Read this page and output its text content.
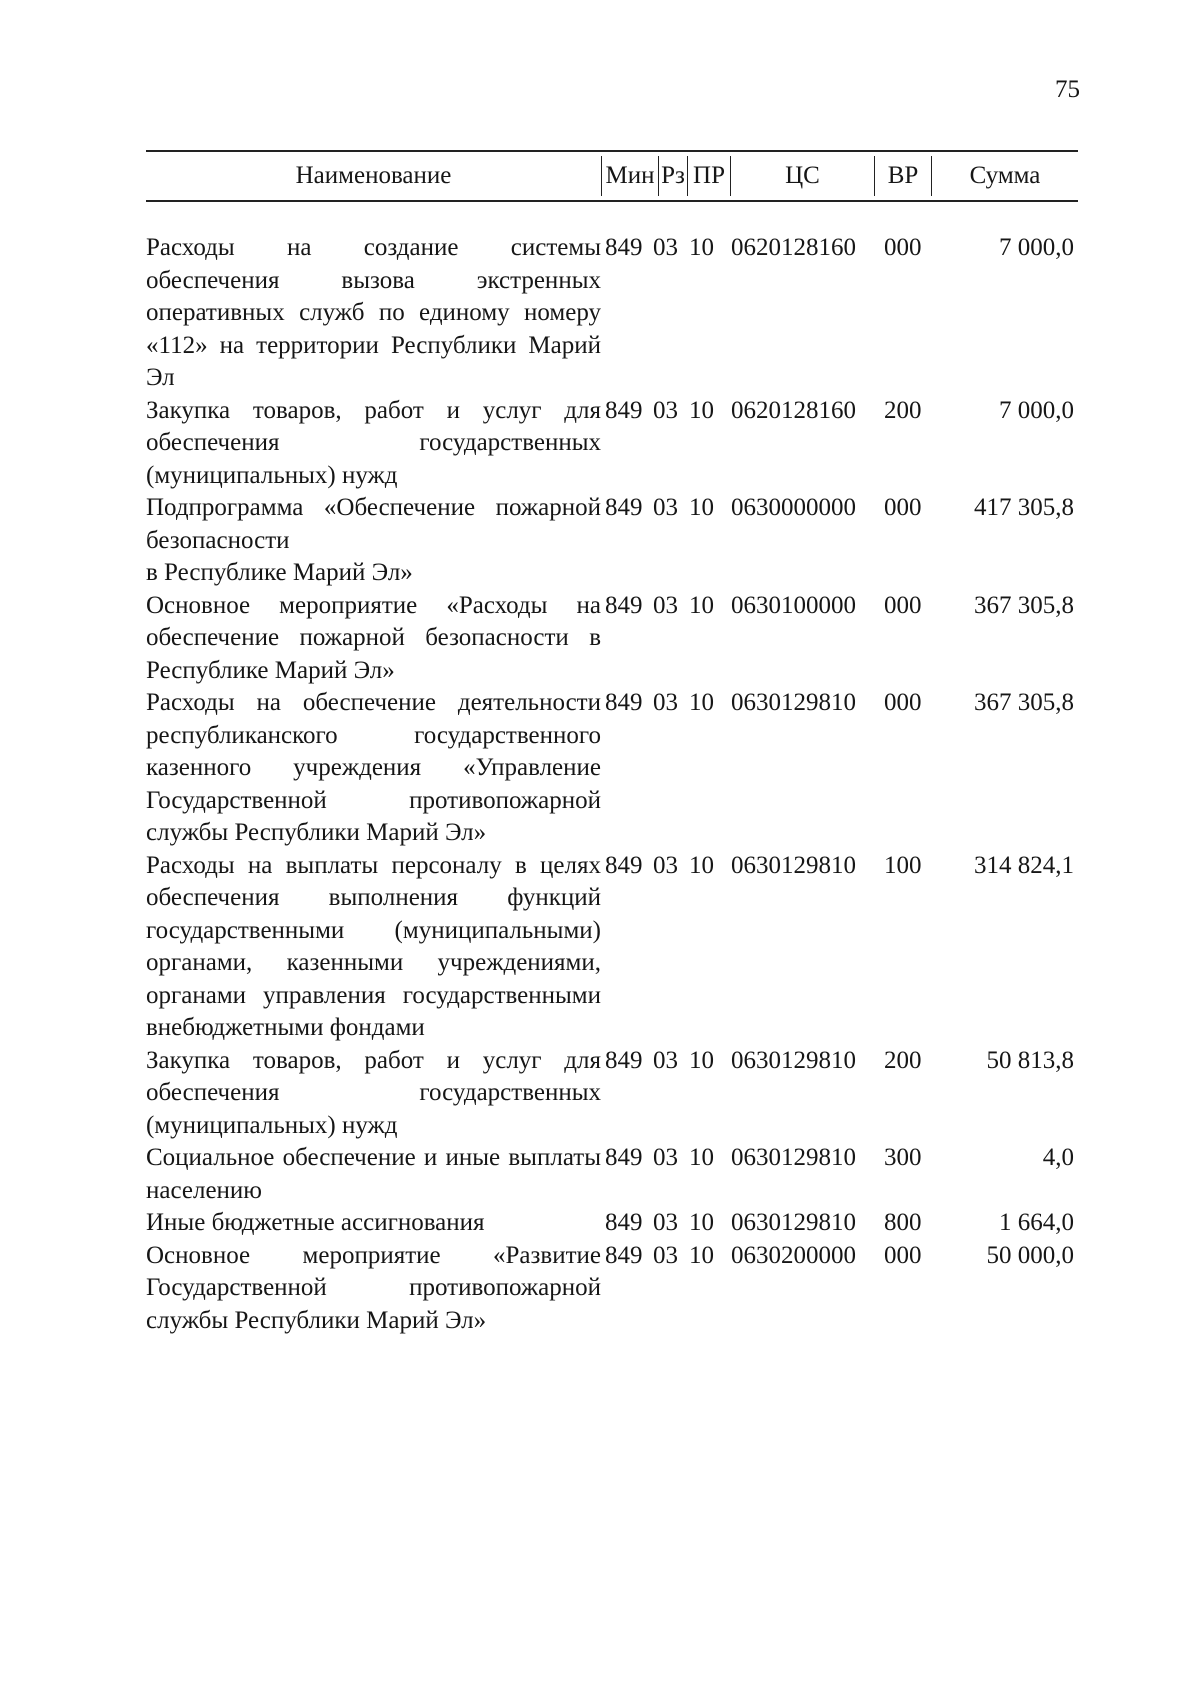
75
Наименование	Мин Рз ПР	ЦС	ВР	Сумма
Расходы на создание системы обеспечения вызова экстренных оперативных служб по единому номеру «112» на территории Республики Марий Эл
849 03 10 0620128160	000	7 000,0
Закупка товаров, работ и услуг для обеспечения государственных (муниципальных) нужд
849 03 10 0620128160	200	7 000,0
Подпрограмма «Обеспечение пожарной безопасности
в Республике Марий Эл»
849 03 10 0630000000	000	417 305,8
Основное мероприятие «Расходы на обеспечение пожарной безопасности в Республике Марий Эл»
849 03 10 0630100000	000	367 305,8
Расходы на обеспечение деятельности республиканского государственного казенного учреждения «Управление Государственной противопожарной службы Республики Марий Эл»
849 03 10 0630129810	000	367 305,8
Расходы на выплаты персоналу в целях обеспечения выполнения функций государственными (муниципальными) органами, казенными учреждениями, органами управления государственными внебюджетными фондами
849 03 10 0630129810	100	314 824,1
Закупка товаров, работ и услуг для обеспечения государственных (муниципальных) нужд
849 03 10 0630129810	200	50 813,8
Социальное обеспечение и иные выплаты населению
849 03 10 0630129810	300	4,0
Иные бюджетные ассигнования	849 03 10 0630129810	800	1 664,0
Основное мероприятие «Развитие Государственной противопожарной службы Республики Марий Эл»
849 03 10 0630200000	000	50 000,0
